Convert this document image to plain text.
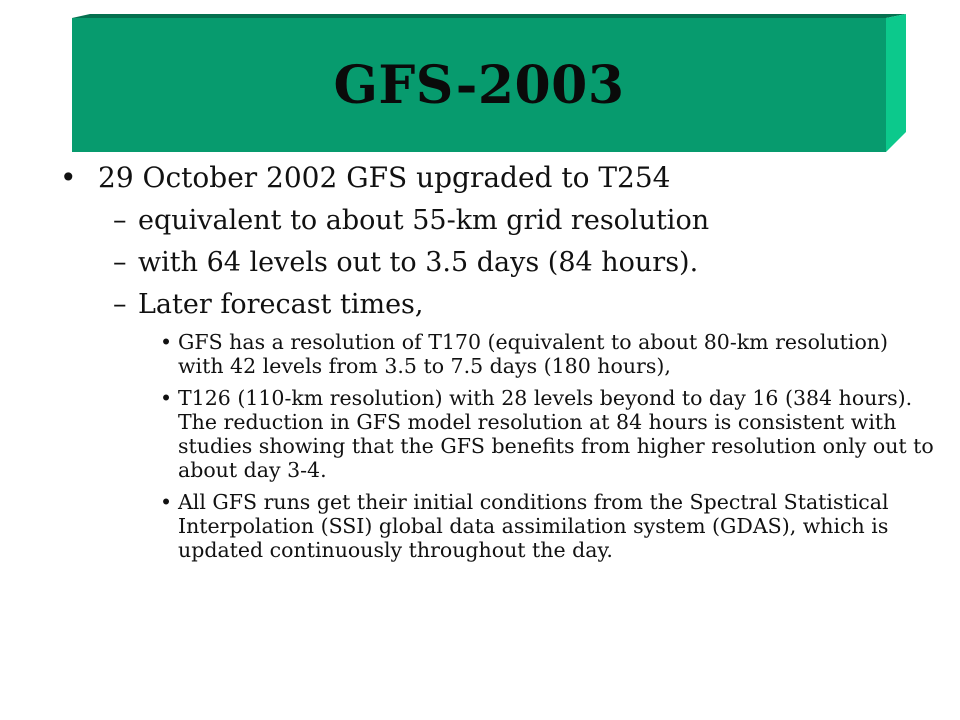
GFS-2003
• 29 October 2002 GFS upgraded to T254
– equivalent to about 55-km grid resolution
– with 64 levels out to 3.5 days (84 hours).
– Later forecast times,
• GFS has a resolution of T170 (equivalent to about 80-km resolution) with 42 levels from 3.5 to 7.5 days (180 hours),
• T126 (110-km resolution) with 28 levels beyond to day 16 (384 hours). The reduction in GFS model resolution at 84 hours is consistent with studies showing that the GFS benefits from higher resolution only out to about day 3-4.
• All GFS runs get their initial conditions from the Spectral Statistical Interpolation (SSI) global data assimilation system (GDAS), which is updated continuously throughout the day.
